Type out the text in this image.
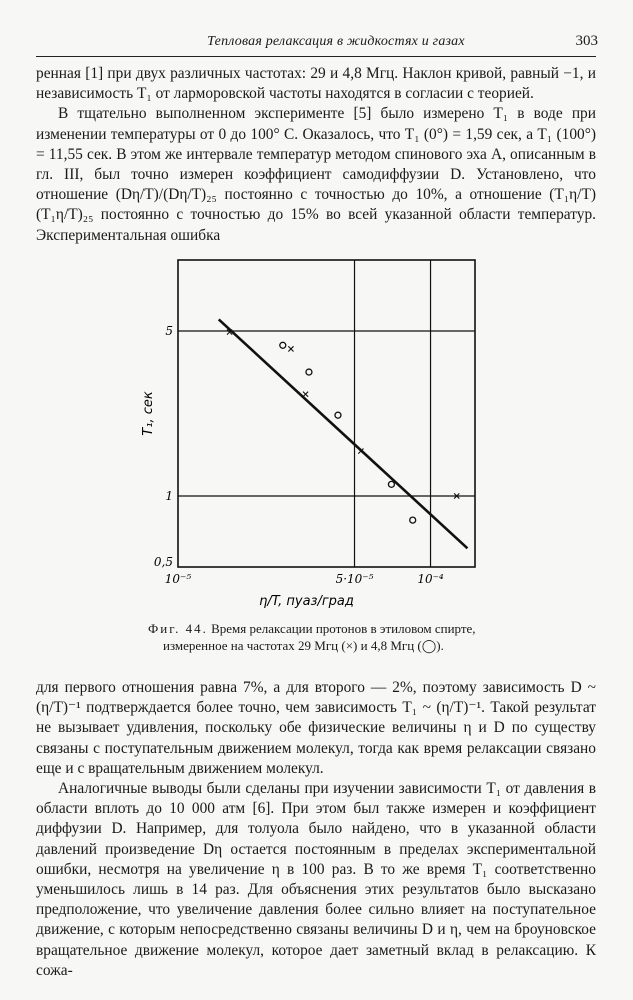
Тепловая релаксация в жидкостях и газах	303

ренная [1] при двух различных частотах: 29 и 4,8 Мгц. Наклон кривой, равный −1, и независимость T₁ от ларморовской частоты находятся в согласии с теорией.

В тщательно выполненном эксперименте [5] было измерено T₁ в воде при изменении температуры от 0 до 100° С. Оказалось, что T₁ (0°) = 1,59 сек, а T₁ (100°) = 11,55 сек. В этом же интервале температур методом спинового эха A, описанным в гл. III, был точно измерен коэффициент самодиффузии D. Установлено, что отношение (Dη/T)/(Dη/T)₂₅ постоянно с точностью до 10%, а отношение (T₁η/T)(T₁η/T)₂₅ постоянно с точностью до 15% во всей указанной области температур. Экспериментальная ошибка

10⁻⁵	5·10⁻⁵	10⁻⁴
0,5
1
5
T₁, сек
η/T, пуаз/град
Фиг. 44. Время релаксации протонов в этиловом спирте,
измеренное на частотах 29 Мгц (×) и 4,8 Мгц (◯).

для первого отношения равна 7%, а для второго — 2%, поэтому зависимость D ~ (η/T)⁻¹ подтверждается более точно, чем зависимость T₁ ~ (η/T)⁻¹. Такой результат не вызывает удивления, поскольку обе физические величины η и D по существу связаны с поступательным движением молекул, тогда как время релаксации связано еще и с вращательным движением молекул.

Аналогичные выводы были сделаны при изучении зависимости T₁ от давления в области вплоть до 10 000 атм [6]. При этом был также измерен и коэффициент диффузии D. Например, для толуола было найдено, что в указанной области давлений произведение Dη остается постоянным в пределах экспериментальной ошибки, несмотря на увеличение η в 100 раз. В то же время T₁ соответственно уменьшилось лишь в 14 раз. Для объяснения этих результатов было высказано предположение, что увеличение давления более сильно влияет на поступательное движение, с которым непосредственно связаны величины D и η, чем на броуновское вращательное движение молекул, которое дает заметный вклад в релаксацию. К сожа-
